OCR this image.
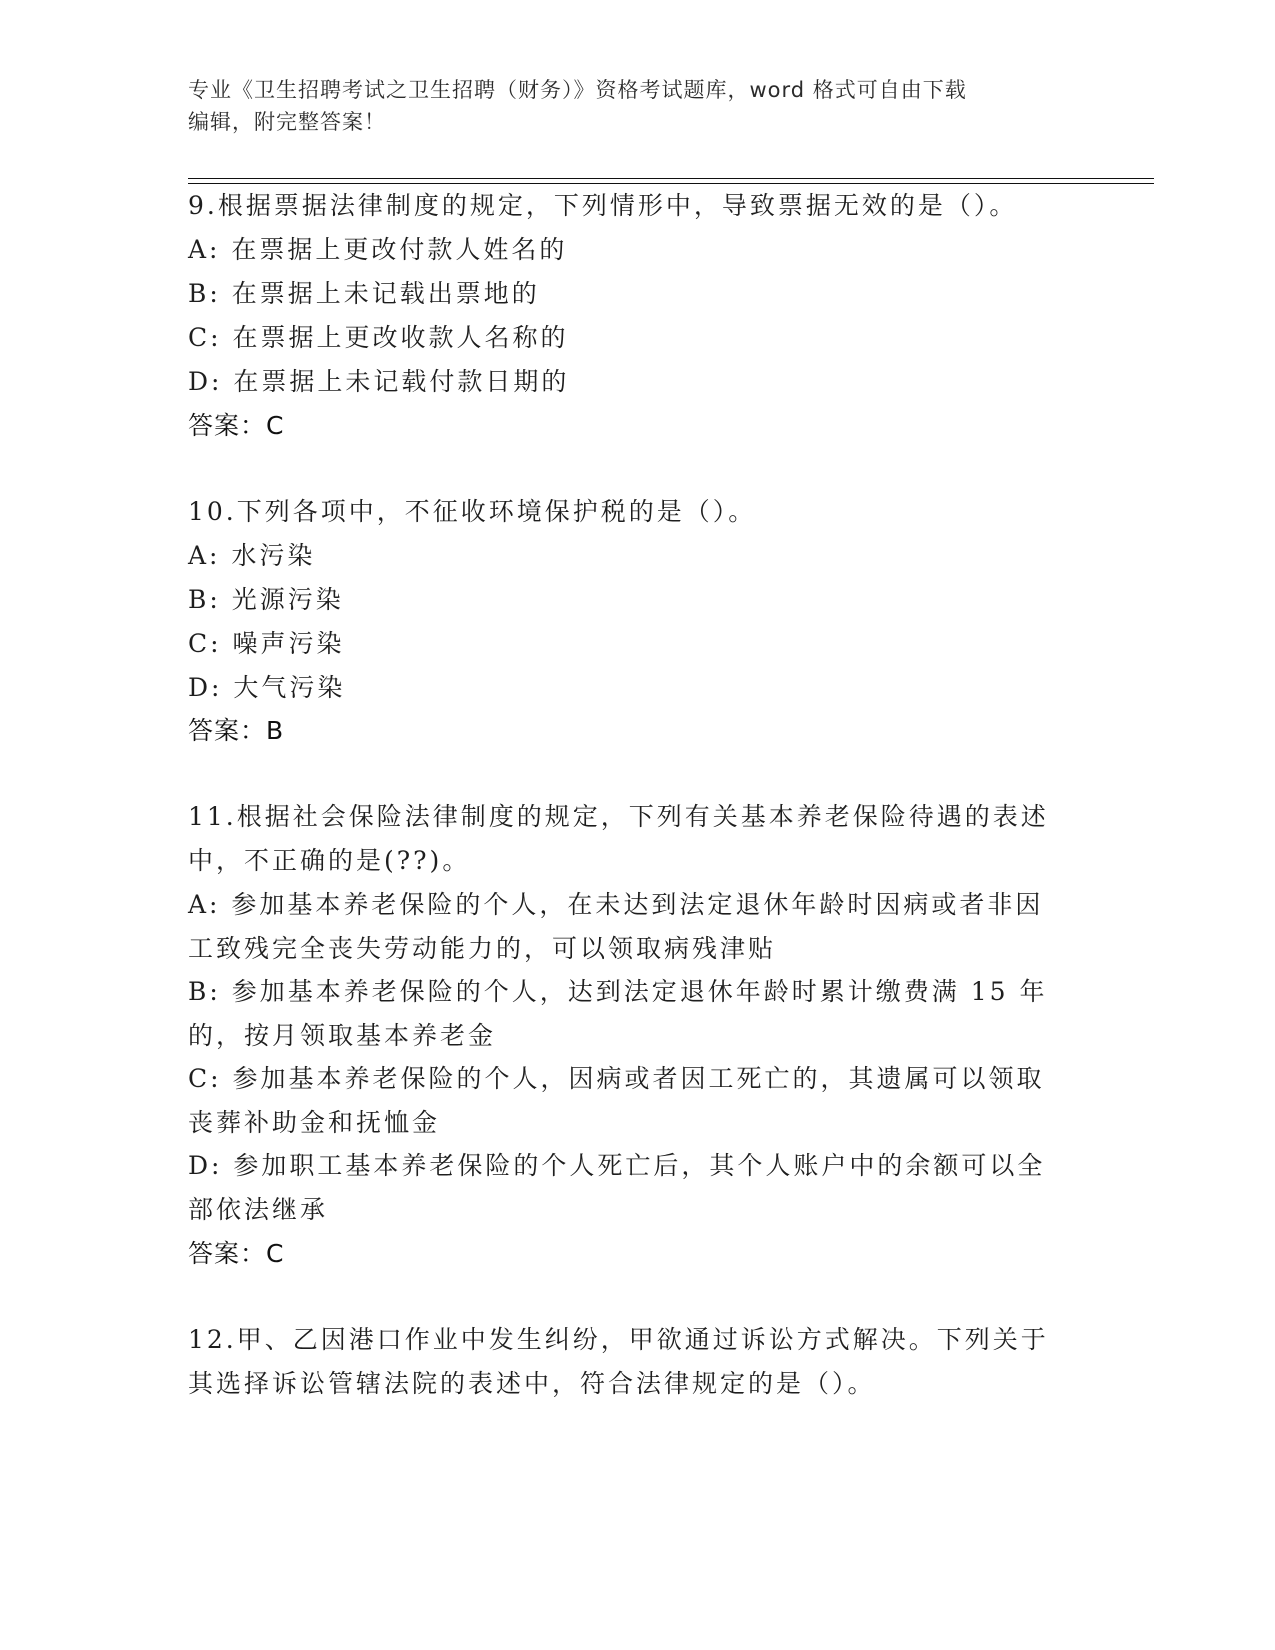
专业《卫生招聘考试之卫生招聘（财务）》资格考试题库，word 格式可自由下载
编辑，附完整答案！
9.根据票据法律制度的规定，下列情形中，导致票据无效的是（）。
A: 在票据上更改付款人姓名的
B: 在票据上未记载出票地的
C: 在票据上更改收款人名称的
D: 在票据上未记载付款日期的
答案：C
10.下列各项中，不征收环境保护税的是（）。
A: 水污染
B: 光源污染
C: 噪声污染
D: 大气污染
答案：B
11.根据社会保险法律制度的规定，下列有关基本养老保险待遇的表述
中，不正确的是(??)。
A: 参加基本养老保险的个人，在未达到法定退休年龄时因病或者非因
工致残完全丧失劳动能力的，可以领取病残津贴
B: 参加基本养老保险的个人，达到法定退休年龄时累计缴费满 15 年
的，按月领取基本养老金
C: 参加基本养老保险的个人，因病或者因工死亡的，其遗属可以领取
丧葬补助金和抚恤金
D: 参加职工基本养老保险的个人死亡后，其个人账户中的余额可以全
部依法继承
答案：C
12.甲、乙因港口作业中发生纠纷，甲欲通过诉讼方式解决。下列关于
其选择诉讼管辖法院的表述中，符合法律规定的是（）。
